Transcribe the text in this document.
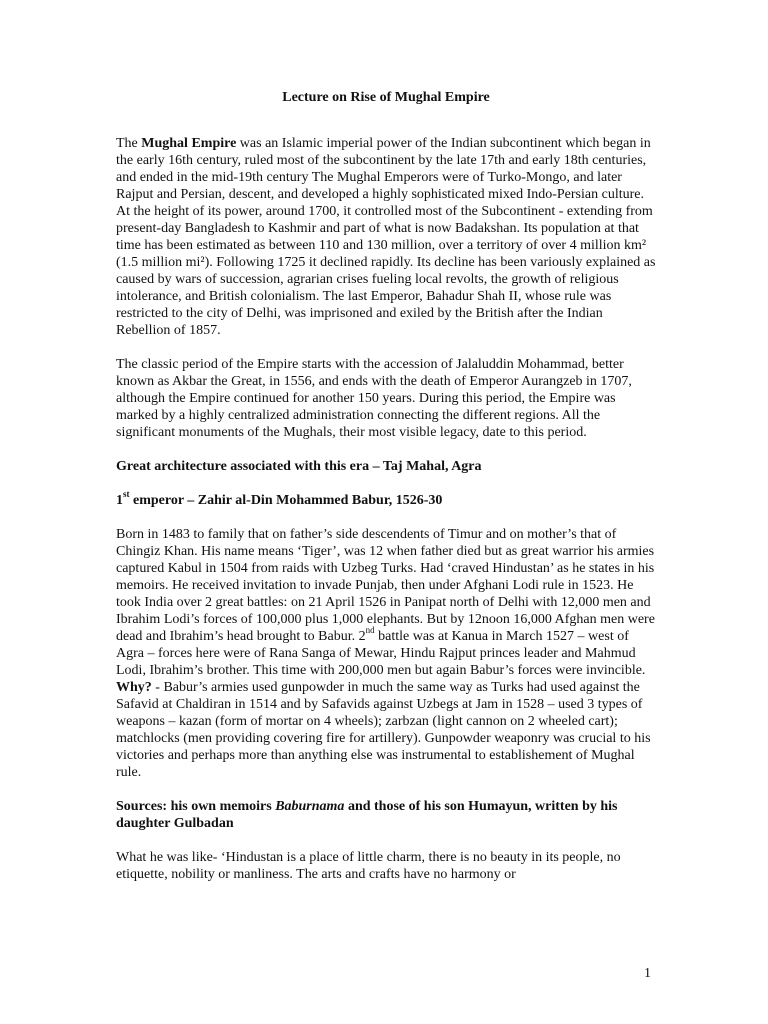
Lecture on Rise of Mughal Empire

The Mughal Empire was an Islamic imperial power of the Indian subcontinent which began in the early 16th century, ruled most of the subcontinent by the late 17th and early 18th centuries, and ended in the mid-19th century The Mughal Emperors were of Turko-Mongo, and later Rajput and Persian, descent, and developed a highly sophisticated mixed Indo-Persian culture. At the height of its power, around 1700, it controlled most of the Subcontinent - extending from present-day Bangladesh to Kashmir and part of what is now Badakshan. Its population at that time has been estimated as between 110 and 130 million, over a territory of over 4 million km² (1.5 million mi²). Following 1725 it declined rapidly. Its decline has been variously explained as caused by wars of succession, agrarian crises fueling local revolts, the growth of religious intolerance, and British colonialism. The last Emperor, Bahadur Shah II, whose rule was restricted to the city of Delhi, was imprisoned and exiled by the British after the Indian Rebellion of 1857.

The classic period of the Empire starts with the accession of Jalaluddin Mohammad, better known as Akbar the Great, in 1556, and ends with the death of Emperor Aurangzeb in 1707, although the Empire continued for another 150 years. During this period, the Empire was marked by a highly centralized administration connecting the different regions. All the significant monuments of the Mughals, their most visible legacy, date to this period.

Great architecture associated with this era – Taj Mahal, Agra

1st emperor – Zahir al-Din Mohammed Babur, 1526-30

Born in 1483 to family that on father’s side descendents of Timur and on mother’s that of Chingiz Khan. His name means ‘Tiger’, was 12 when father died but as great warrior his armies captured Kabul in 1504 from raids with Uzbeg Turks. Had ‘craved Hindustan’ as he states in his memoirs. He received invitation to invade Punjab, then under Afghani Lodi rule in 1523. He took India over 2 great battles: on 21 April 1526 in Panipat north of Delhi with 12,000 men and Ibrahim Lodi’s forces of 100,000 plus 1,000 elephants. But by 12noon 16,000 Afghan men were dead and Ibrahim’s head brought to Babur. 2nd battle was at Kanua in March 1527 – west of Agra – forces here were of Rana Sanga of Mewar, Hindu Rajput princes leader and Mahmud Lodi, Ibrahim’s brother. This time with 200,000 men but again Babur’s forces were invincible. Why? - Babur’s armies used gunpowder in much the same way as Turks had used against the Safavid at Chaldiran in 1514 and by Safavids against Uzbegs at Jam in 1528 – used 3 types of weapons – kazan (form of mortar on 4 wheels); zarbzan (light cannon on 2 wheeled cart); matchlocks (men providing covering fire for artillery). Gunpowder weaponry was crucial to his victories and perhaps more than anything else was instrumental to establishement of Mughal rule.

Sources: his own memoirs Baburnama and those of his son Humayun, written by his daughter Gulbadan

What he was like- ‘Hindustan is a place of little charm, there is no beauty in its people, no etiquette, nobility or manliness. The arts and crafts have no harmony or

1
